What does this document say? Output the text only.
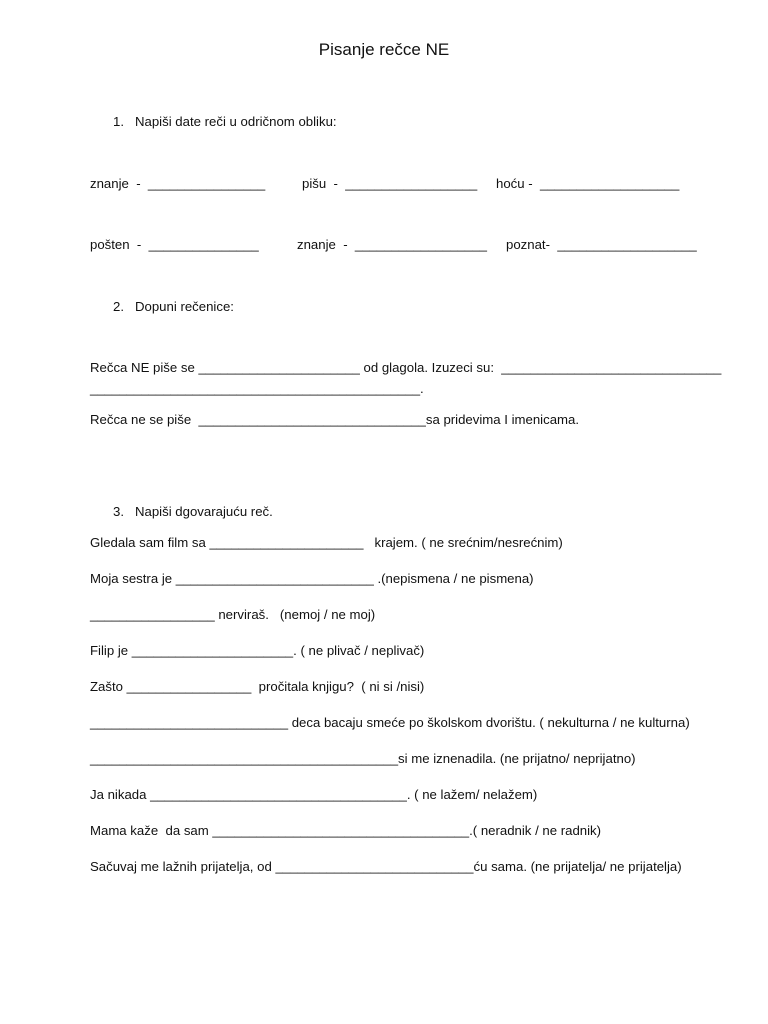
Pisanje rečce NE
1.   Napiši date reči u odričnom obliku:
znanje  -  ________________	pišu  -  __________________ hoću -  ___________________
pošten  -  _______________	znanje  -  __________________ poznat-  ___________________
2.   Dopuni rečenice:
Rečca NE piše se ______________________ od glagola. Izuzeci su:  ______________________________
_____________________________________________.
Rečca ne se piše  _______________________________sa pridevima I imenicama.
3.   Napiši dgovarajuću reč.
Gledala sam film sa _____________________   krajem. ( ne srećnim/nesrećnim)
Moja sestra je ___________________________ .(nepismena / ne pismena)
_________________ nerviraš.   (nemoj / ne moj)
Filip je ______________________. ( ne plivač / neplivač)
Zašto _________________  pročitala knjigu?  ( ni si /nisi)
___________________________ deca bacaju smeće po školskom dvorištu. ( nekulturna / ne kulturna)
__________________________________________si me iznenadila. (ne prijatno/ neprijatno)
Ja nikada ___________________________________. ( ne lažem/ nelažem)
Mama kaže  da sam ___________________________________.( neradnik / ne radnik)
Sačuvaj me lažnih prijatelja, od ___________________________ću sama. (ne prijatelja/ ne prijatelja)
